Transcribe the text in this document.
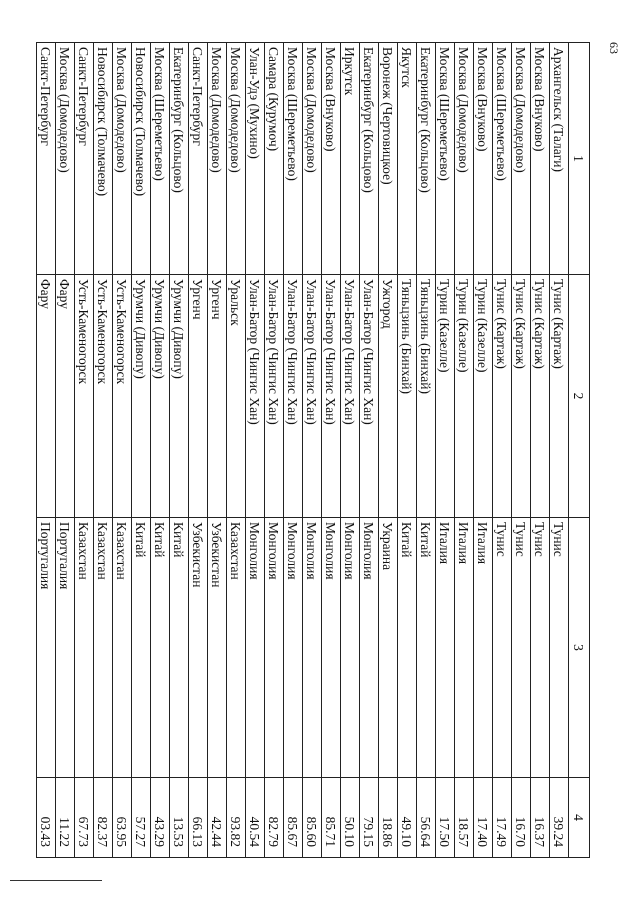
63
1	2	3	4
Архангельск (Талаги)	Тунис (Картаж)	Тунис	39.24
Москва (Внуково)	Тунис (Картаж)	Тунис	16.37
Москва (Домодедово)	Тунис (Картаж)	Тунис	16.70
Москва (Шереметьево)	Тунис (Картаж)	Тунис	17.49
Москва (Внуково)	Турин (Казелле)	Италия	17.40
Москва (Домодедово)	Турин (Казелле)	Италия	18.57
Москва (Шереметьево)	Турин (Казелле)	Италия	17.50
Екатеринбург (Кольцово)	Тяньцзинь (Бинхай)	Китай	56.64
Якутск	Тяньцзинь (Бинхай)	Китай	49.10
Воронеж (Чертовицкое)	Ужгород	Украина	18.86
Екатеринбург (Кольцово)	Улан-Батор (Чингис Хан)	Монголия	79.15
Иркутск	Улан-Батор (Чингис Хан)	Монголия	50.10
Москва (Внуково)	Улан-Батор (Чингис Хан)	Монголия	85.71
Москва (Домодедово)	Улан-Батор (Чингис Хан)	Монголия	85.60
Москва (Шереметьево)	Улан-Батор (Чингис Хан)	Монголия	85.67
Самара (Курумоч)	Улан-Батор (Чингис Хан)	Монголия	82.79
Улан-Удэ (Мухино)	Улан-Батор (Чингис Хан)	Монголия	40.54
Москва (Домодедово)	Уральск	Казахстан	93.82
Москва (Домодедово)	Ургенч	Узбекистан	42.44
Санкт-Петербург	Ургенч	Узбекистан	66.13
Екатеринбург (Кольцово)	Урумчи (Дивопу)	Китай	13.53
Москва (Шереметьево)	Урумчи (Дивопу)	Китай	43.29
Новосибирск (Толмачево)	Урумчи (Дивопу)	Китай	57.27
Москва (Домодедово)	Усть-Каменогорск	Казахстан	63.95
Новосибирск (Толмачево)	Усть-Каменогорск	Казахстан	82.37
Санкт-Петербург	Усть-Каменогорск	Казахстан	67.73
Москва (Домодедово)	Фару	Португалия	11.22
Санкт-Петербург	Фару	Португалия	03.43
